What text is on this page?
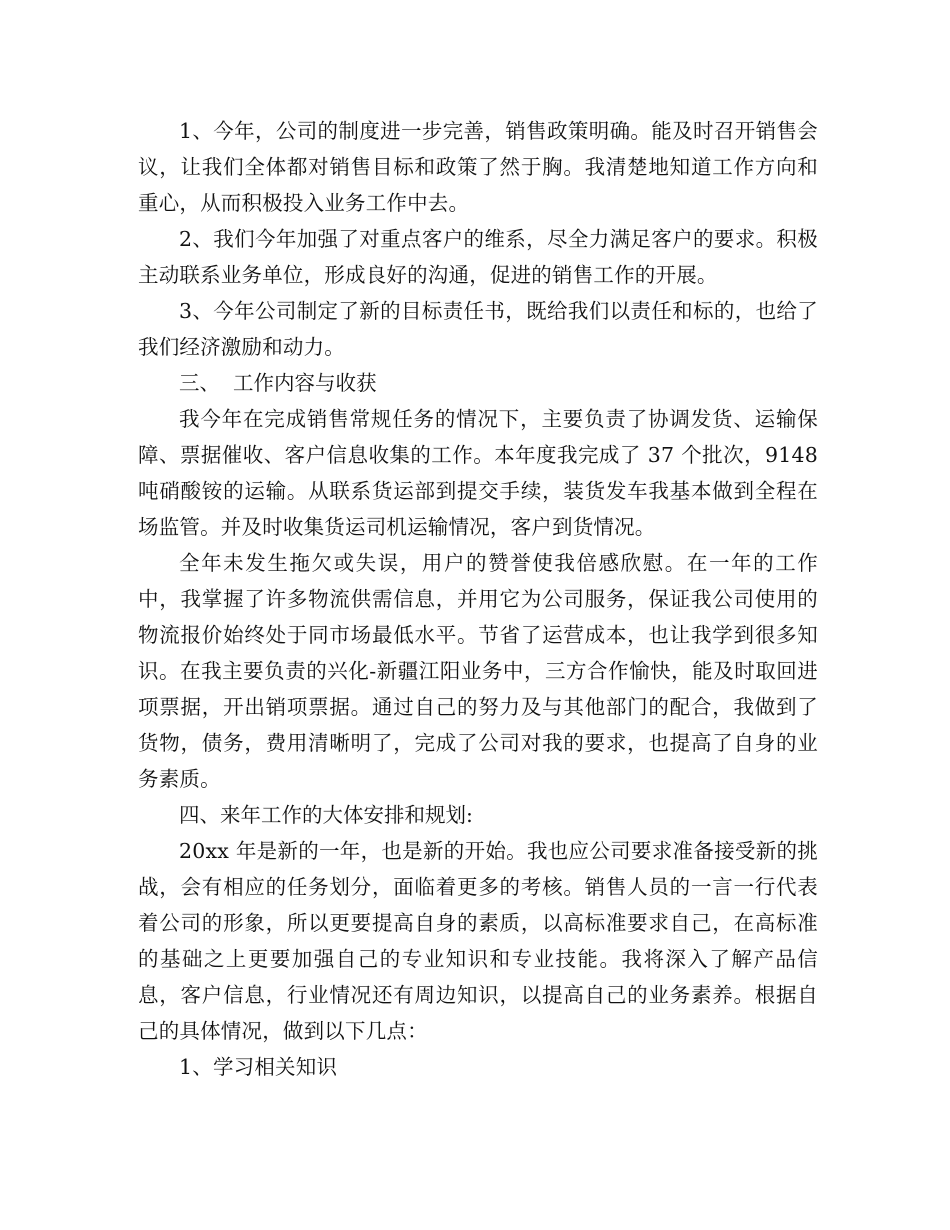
1、今年，公司的制度进一步完善，销售政策明确。能及时召开销售会议，让我们全体都对销售目标和政策了然于胸。我清楚地知道工作方向和重心，从而积极投入业务工作中去。

2、我们今年加强了对重点客户的维系，尽全力满足客户的要求。积极主动联系业务单位，形成良好的沟通，促进的销售工作的开展。

3、今年公司制定了新的目标责任书，既给我们以责任和标的，也给了我们经济激励和动力。

三、  工作内容与收获

我今年在完成销售常规任务的情况下，主要负责了协调发货、运输保障、票据催收、客户信息收集的工作。本年度我完成了 37 个批次，9148 吨硝酸铵的运输。从联系货运部到提交手续，装货发车我基本做到全程在场监管。并及时收集货运司机运输情况，客户到货情况。

全年未发生拖欠或失误，用户的赞誉使我倍感欣慰。在一年的工作中，我掌握了许多物流供需信息，并用它为公司服务，保证我公司使用的物流报价始终处于同市场最低水平。节省了运营成本，也让我学到很多知识。在我主要负责的兴化-新疆江阳业务中，三方合作愉快，能及时取回进项票据，开出销项票据。通过自己的努力及与其他部门的配合，我做到了货物，债务，费用清晰明了，完成了公司对我的要求，也提高了自身的业务素质。

四、来年工作的大体安排和规划:

20xx 年是新的一年，也是新的开始。我也应公司要求准备接受新的挑战，会有相应的任务划分，面临着更多的考核。销售人员的一言一行代表着公司的形象，所以更要提高自身的素质，以高标准要求自己，在高标准的基础之上更要加强自己的专业知识和专业技能。我将深入了解产品信息，客户信息，行业情况还有周边知识，以提高自己的业务素养。根据自己的具体情况，做到以下几点：

1、学习相关知识
